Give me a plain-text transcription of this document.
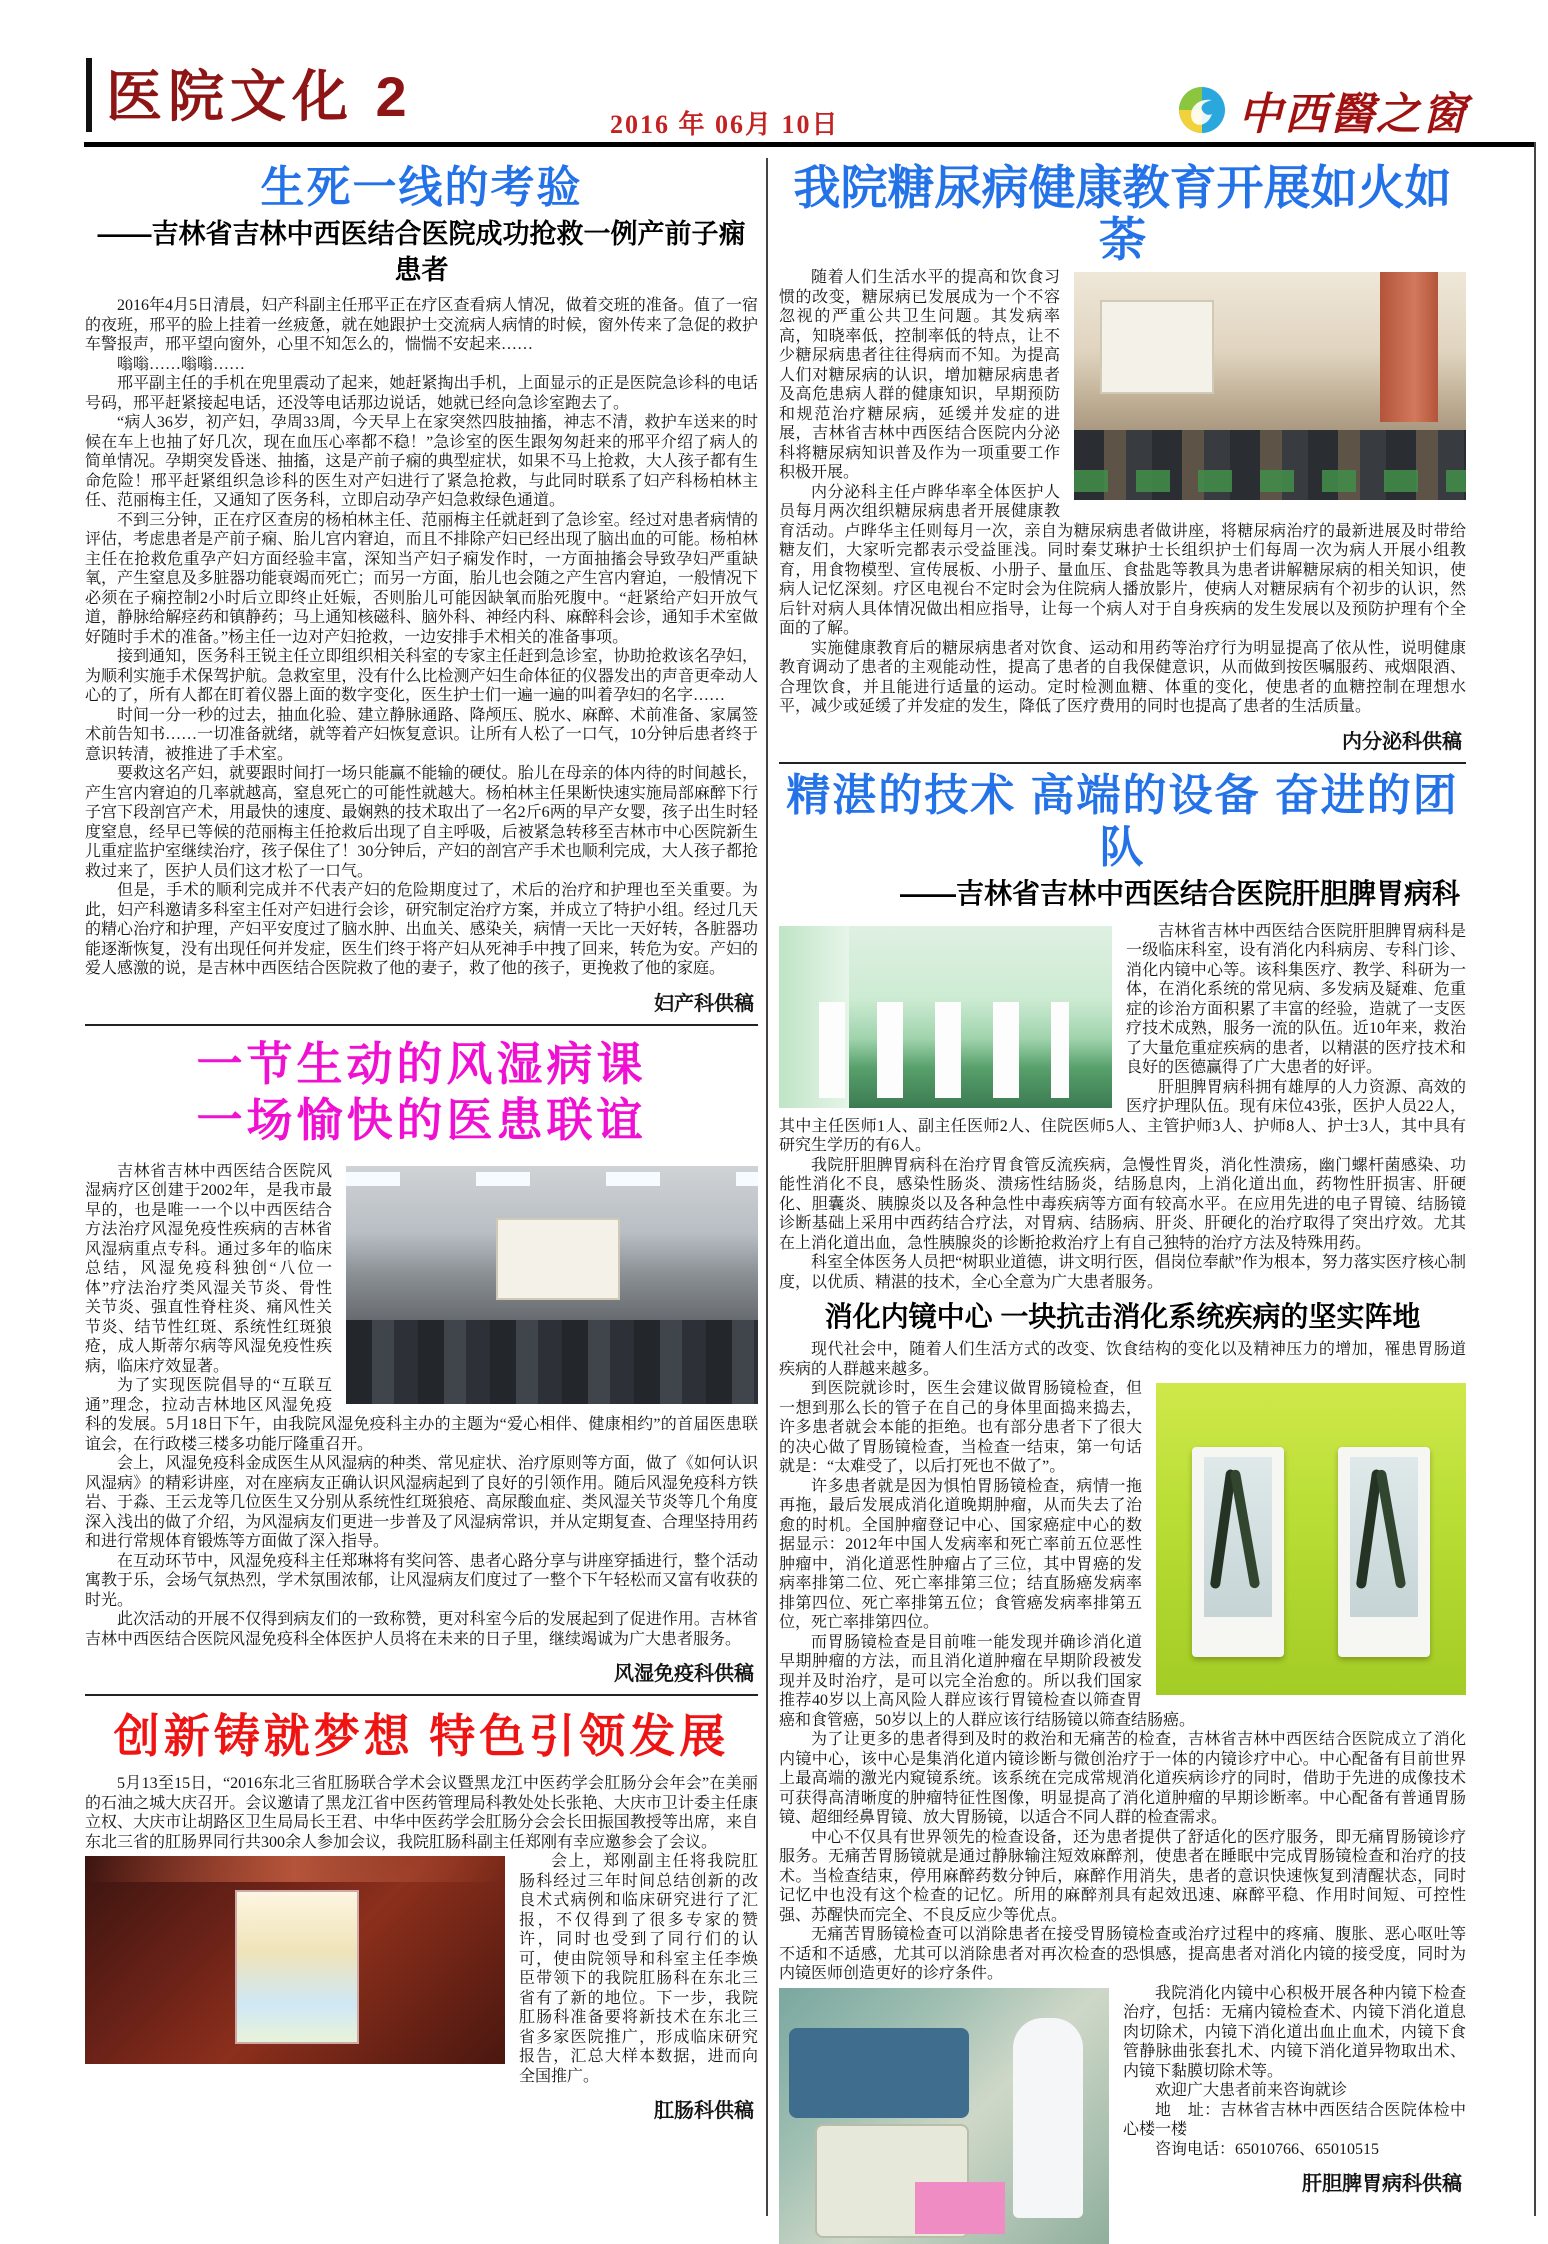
医院文化 2	2016 年 06月 10日	中西醫之窗
生死一线的考验
——吉林省吉林中西医结合医院成功抢救一例产前子痫患者

2016年4月5日清晨，妇产科副主任邢平正在疗区查看病人情况，做着交班的准备。值了一宿的夜班，邢平的脸上挂着一丝疲惫，就在她跟护士交流病人病情的时候，窗外传来了急促的救护车警报声，邢平望向窗外，心里不知怎么的，惴惴不安起来……

嗡嗡……嗡嗡……

邢平副主任的手机在兜里震动了起来，她赶紧掏出手机，上面显示的正是医院急诊科的电话号码，邢平赶紧接起电话，还没等电话那边说话，她就已经向急诊室跑去了。

“病人36岁，初产妇，孕周33周，今天早上在家突然四肢抽搐，神志不清，救护车送来的时候在车上也抽了好几次，现在血压心率都不稳！”急诊室的医生跟匆匆赶来的邢平介绍了病人的简单情况。孕期突发昏迷、抽搐，这是产前子痫的典型症状，如果不马上抢救，大人孩子都有生命危险！邢平赶紧组织急诊科的医生对产妇进行了紧急抢救，与此同时联系了妇产科杨柏林主任、范丽梅主任，又通知了医务科，立即启动孕产妇急救绿色通道。

不到三分钟，正在疗区查房的杨柏林主任、范丽梅主任就赶到了急诊室。经过对患者病情的评估，考虑患者是产前子痫、胎儿宫内窘迫，而且不排除产妇已经出现了脑出血的可能。杨柏林主任在抢救危重孕产妇方面经验丰富，深知当产妇子痫发作时，一方面抽搐会导致孕妇严重缺氧，产生窒息及多脏器功能衰竭而死亡；而另一方面，胎儿也会随之产生宫内窘迫，一般情况下必须在子痫控制2小时后立即终止妊娠，否则胎儿可能因缺氧而胎死腹中。“赶紧给产妇开放气道，静脉给解痉药和镇静药；马上通知核磁科、脑外科、神经内科、麻醉科会诊，通知手术室做好随时手术的准备。”杨主任一边对产妇抢救，一边安排手术相关的准备事项。

接到通知，医务科王锐主任立即组织相关科室的专家主任赶到急诊室，协助抢救该名孕妇，为顺利实施手术保驾护航。急救室里，没有什么比检测产妇生命体征的仪器发出的声音更牵动人心的了，所有人都在盯着仪器上面的数字变化，医生护士们一遍一遍的叫着孕妇的名字……

时间一分一秒的过去，抽血化验、建立静脉通路、降颅压、脱水、麻醉、术前准备、家属签术前告知书……一切准备就绪，就等着产妇恢复意识。让所有人松了一口气，10分钟后患者终于意识转清，被推进了手术室。

要救这名产妇，就要跟时间打一场只能赢不能输的硬仗。胎儿在母亲的体内待的时间越长，产生宫内窘迫的几率就越高，窒息死亡的可能性就越大。杨柏林主任果断快速实施局部麻醉下行子宫下段剖宫产术，用最快的速度、最娴熟的技术取出了一名2斤6两的早产女婴，孩子出生时轻度窒息，经早已等候的范丽梅主任抢救后出现了自主呼吸，后被紧急转移至吉林市中心医院新生儿重症监护室继续治疗，孩子保住了！30分钟后，产妇的剖宫产手术也顺利完成，大人孩子都抢救过来了，医护人员们这才松了一口气。

但是，手术的顺利完成并不代表产妇的危险期度过了，术后的治疗和护理也至关重要。为此，妇产科邀请多科室主任对产妇进行会诊，研究制定治疗方案，并成立了特护小组。经过几天的精心治疗和护理，产妇平安度过了脑水肿、出血关、感染关，病情一天比一天好转，各脏器功能逐渐恢复，没有出现任何并发症，医生们终于将产妇从死神手中拽了回来，转危为安。产妇的爱人感激的说，是吉林中西医结合医院救了他的妻子，救了他的孩子，更挽救了他的家庭。

妇产科供稿
一节生动的风湿病课
一场愉快的医患联谊

吉林省吉林中西医结合医院风湿病疗区创建于2002年，是我市最早的，也是唯一一个以中西医结合方法治疗风湿免疫性疾病的吉林省风湿病重点专科。通过多年的临床总结，风湿免疫科独创“八位一体”疗法治疗类风湿关节炎、骨性关节炎、强直性脊柱炎、痛风性关节炎、结节性红斑、系统性红斑狼疮，成人斯蒂尔病等风湿免疫性疾病，临床疗效显著。

为了实现医院倡导的“互联互通”理念，拉动吉林地区风湿免疫科的发展。5月18日下午，由我院风湿免疫科主办的主题为“爱心相伴、健康相约”的首届医患联谊会，在行政楼三楼多功能厅隆重召开。

会上，风湿免疫科金成医生从风湿病的种类、常见症状、治疗原则等方面，做了《如何认识风湿病》的精彩讲座，对在座病友正确认识风湿病起到了良好的引领作用。随后风湿免疫科方铁岩、于淼、王云龙等几位医生又分别从系统性红斑狼疮、高尿酸血症、类风湿关节炎等几个角度深入浅出的做了介绍，为风湿病友们更进一步普及了风湿病常识，并从定期复查、合理坚持用药和进行常规体育锻炼等方面做了深入指导。

在互动环节中，风湿免疫科主任郑琳将有奖问答、患者心路分享与讲座穿插进行，整个活动寓教于乐，会场气氛热烈，学术氛围浓郁，让风湿病友们度过了一整个下午轻松而又富有收获的时光。

此次活动的开展不仅得到病友们的一致称赞，更对科室今后的发展起到了促进作用。吉林省吉林中西医结合医院风湿免疫科全体医护人员将在未来的日子里，继续竭诚为广大患者服务。

风湿免疫科供稿
创新铸就梦想 特色引领发展

5月13至15日，“2016东北三省肛肠联合学术会议暨黑龙江中医药学会肛肠分会年会”在美丽的石油之城大庆召开。会议邀请了黑龙江省中医药管理局科教处处长张艳、大庆市卫计委主任康立权、大庆市让胡路区卫生局局长王君、中华中医药学会肛肠分会会长田振国教授等出席，来自东北三省的肛肠界同行共300余人参加会议，我院肛肠科副主任郑刚有幸应邀参会了会议。

会上，郑刚副主任将我院肛肠科经过三年时间总结创新的改良术式病例和临床研究进行了汇报，不仅得到了很多专家的赞许，同时也受到了同行们的认可，使由院领导和科室主任李焕臣带领下的我院肛肠科在东北三省有了新的地位。下一步，我院肛肠科准备要将新技术在东北三省多家医院推广，形成临床研究报告，汇总大样本数据，进而向全国推广。

肛肠科供稿
我院糖尿病健康教育开展如火如荼

随着人们生活水平的提高和饮食习惯的改变，糖尿病已发展成为一个不容忽视的严重公共卫生问题。其发病率高，知晓率低，控制率低的特点，让不少糖尿病患者往往得病而不知。为提高人们对糖尿病的认识，增加糖尿病患者及高危患病人群的健康知识，早期预防和规范治疗糖尿病，延缓并发症的进展，吉林省吉林中西医结合医院内分泌科将糖尿病知识普及作为一项重要工作积极开展。

内分泌科主任卢晔华率全体医护人员每月两次组织糖尿病患者开展健康教育活动。卢晔华主任则每月一次，亲自为糖尿病患者做讲座，将糖尿病治疗的最新进展及时带给糖友们，大家听完都表示受益匪浅。同时秦艾琳护士长组织护士们每周一次为病人开展小组教育，用食物模型、宣传展板、小册子、量血压、食盐匙等教具为患者讲解糖尿病的相关知识，使病人记忆深刻。疗区电视台不定时会为住院病人播放影片，使病人对糖尿病有个初步的认识，然后针对病人具体情况做出相应指导，让每一个病人对于自身疾病的发生发展以及预防护理有个全面的了解。

实施健康教育后的糖尿病患者对饮食、运动和用药等治疗行为明显提高了依从性，说明健康教育调动了患者的主观能动性，提高了患者的自我保健意识，从而做到按医嘱服药、戒烟限酒、合理饮食，并且能进行适量的运动。定时检测血糖、体重的变化，使患者的血糖控制在理想水平，减少或延缓了并发症的发生，降低了医疗费用的同时也提高了患者的生活质量。

内分泌科供稿
精湛的技术 高端的设备 奋进的团队
——吉林省吉林中西医结合医院肝胆脾胃病科

吉林省吉林中西医结合医院肝胆脾胃病科是一级临床科室，设有消化内科病房、专科门诊、消化内镜中心等。该科集医疗、教学、科研为一体，在消化系统的常见病、多发病及疑难、危重症的诊治方面积累了丰富的经验，造就了一支医疗技术成熟，服务一流的队伍。近10年来，救治了大量危重症疾病的患者，以精湛的医疗技术和良好的医德赢得了广大患者的好评。

肝胆脾胃病科拥有雄厚的人力资源、高效的医疗护理队伍。现有床位43张，医护人员22人，其中主任医师1人、副主任医师2人、住院医师5人、主管护师3人、护师8人、护士3人，其中具有研究生学历的有6人。

我院肝胆脾胃病科在治疗胃食管反流疾病，急慢性胃炎，消化性溃疡，幽门螺杆菌感染、功能性消化不良，感染性肠炎、溃疡性结肠炎，结肠息肉，上消化道出血，药物性肝损害、肝硬化、胆囊炎、胰腺炎以及各种急性中毒疾病等方面有较高水平。在应用先进的电子胃镜、结肠镜诊断基础上采用中西药结合疗法，对胃病、结肠病、肝炎、肝硬化的治疗取得了突出疗效。尤其在上消化道出血，急性胰腺炎的诊断抢救治疗上有自己独特的治疗方法及特殊用药。

科室全体医务人员把“树职业道德，讲文明行医，倡岗位奉献”作为根本，努力落实医疗核心制度，以优质、精湛的技术，全心全意为广大患者服务。

消化内镜中心 一块抗击消化系统疾病的坚实阵地

现代社会中，随着人们生活方式的改变、饮食结构的变化以及精神压力的增加，罹患胃肠道疾病的人群越来越多。

到医院就诊时，医生会建议做胃肠镜检查，但一想到那么长的管子在自己的身体里面捣来捣去，许多患者就会本能的拒绝。也有部分患者下了很大的决心做了胃肠镜检查，当检查一结束，第一句话就是：“太难受了，以后打死也不做了”。

许多患者就是因为惧怕胃肠镜检查，病情一拖再拖，最后发展成消化道晚期肿瘤，从而失去了治愈的时机。全国肿瘤登记中心、国家癌症中心的数据显示：2012年中国人发病率和死亡率前五位恶性肿瘤中，消化道恶性肿瘤占了三位，其中胃癌的发病率排第二位、死亡率排第三位；结直肠癌发病率排第四位、死亡率排第五位；食管癌发病率排第五位，死亡率排第四位。

而胃肠镜检查是目前唯一能发现并确诊消化道早期肿瘤的方法，而且消化道肿瘤在早期阶段被发现并及时治疗，是可以完全治愈的。所以我们国家推荐40岁以上高风险人群应该行胃镜检查以筛查胃癌和食管癌，50岁以上的人群应该行结肠镜以筛查结肠癌。

为了让更多的患者得到及时的救治和无痛苦的检查，吉林省吉林中西医结合医院成立了消化内镜中心，该中心是集消化道内镜诊断与微创治疗于一体的内镜诊疗中心。中心配备有目前世界上最高端的激光内窥镜系统。该系统在完成常规消化道疾病诊疗的同时，借助于先进的成像技术可获得高清晰度的肿瘤特征性图像，明显提高了消化道肿瘤的早期诊断率。中心配备有普通胃肠镜、超细经鼻胃镜、放大胃肠镜，以适合不同人群的检查需求。

中心不仅具有世界领先的检查设备，还为患者提供了舒适化的医疗服务，即无痛胃肠镜诊疗服务。无痛苦胃肠镜就是通过静脉输注短效麻醉剂，使患者在睡眠中完成胃肠镜检查和治疗的技术。当检查结束，停用麻醉药数分钟后，麻醉作用消失，患者的意识快速恢复到清醒状态，同时记忆中也没有这个检查的记忆。所用的麻醉剂具有起效迅速、麻醉平稳、作用时间短、可控性强、苏醒快而完全、不良反应少等优点。

无痛苦胃肠镜检查可以消除患者在接受胃肠镜检查或治疗过程中的疼痛、腹胀、恶心呕吐等不适和不适感，尤其可以消除患者对再次检查的恐惧感，提高患者对消化内镜的接受度，同时为内镜医师创造更好的诊疗条件。

我院消化内镜中心积极开展各种内镜下检查治疗，包括：无痛内镜检查术、内镜下消化道息肉切除术，内镜下消化道出血止血术，内镜下食管静脉曲张套扎术、内镜下消化道异物取出术、内镜下黏膜切除术等。

欢迎广大患者前来咨询就诊

地　址：吉林省吉林中西医结合医院体检中心楼一楼

咨询电话：65010766、65010515

肝胆脾胃病科供稿
